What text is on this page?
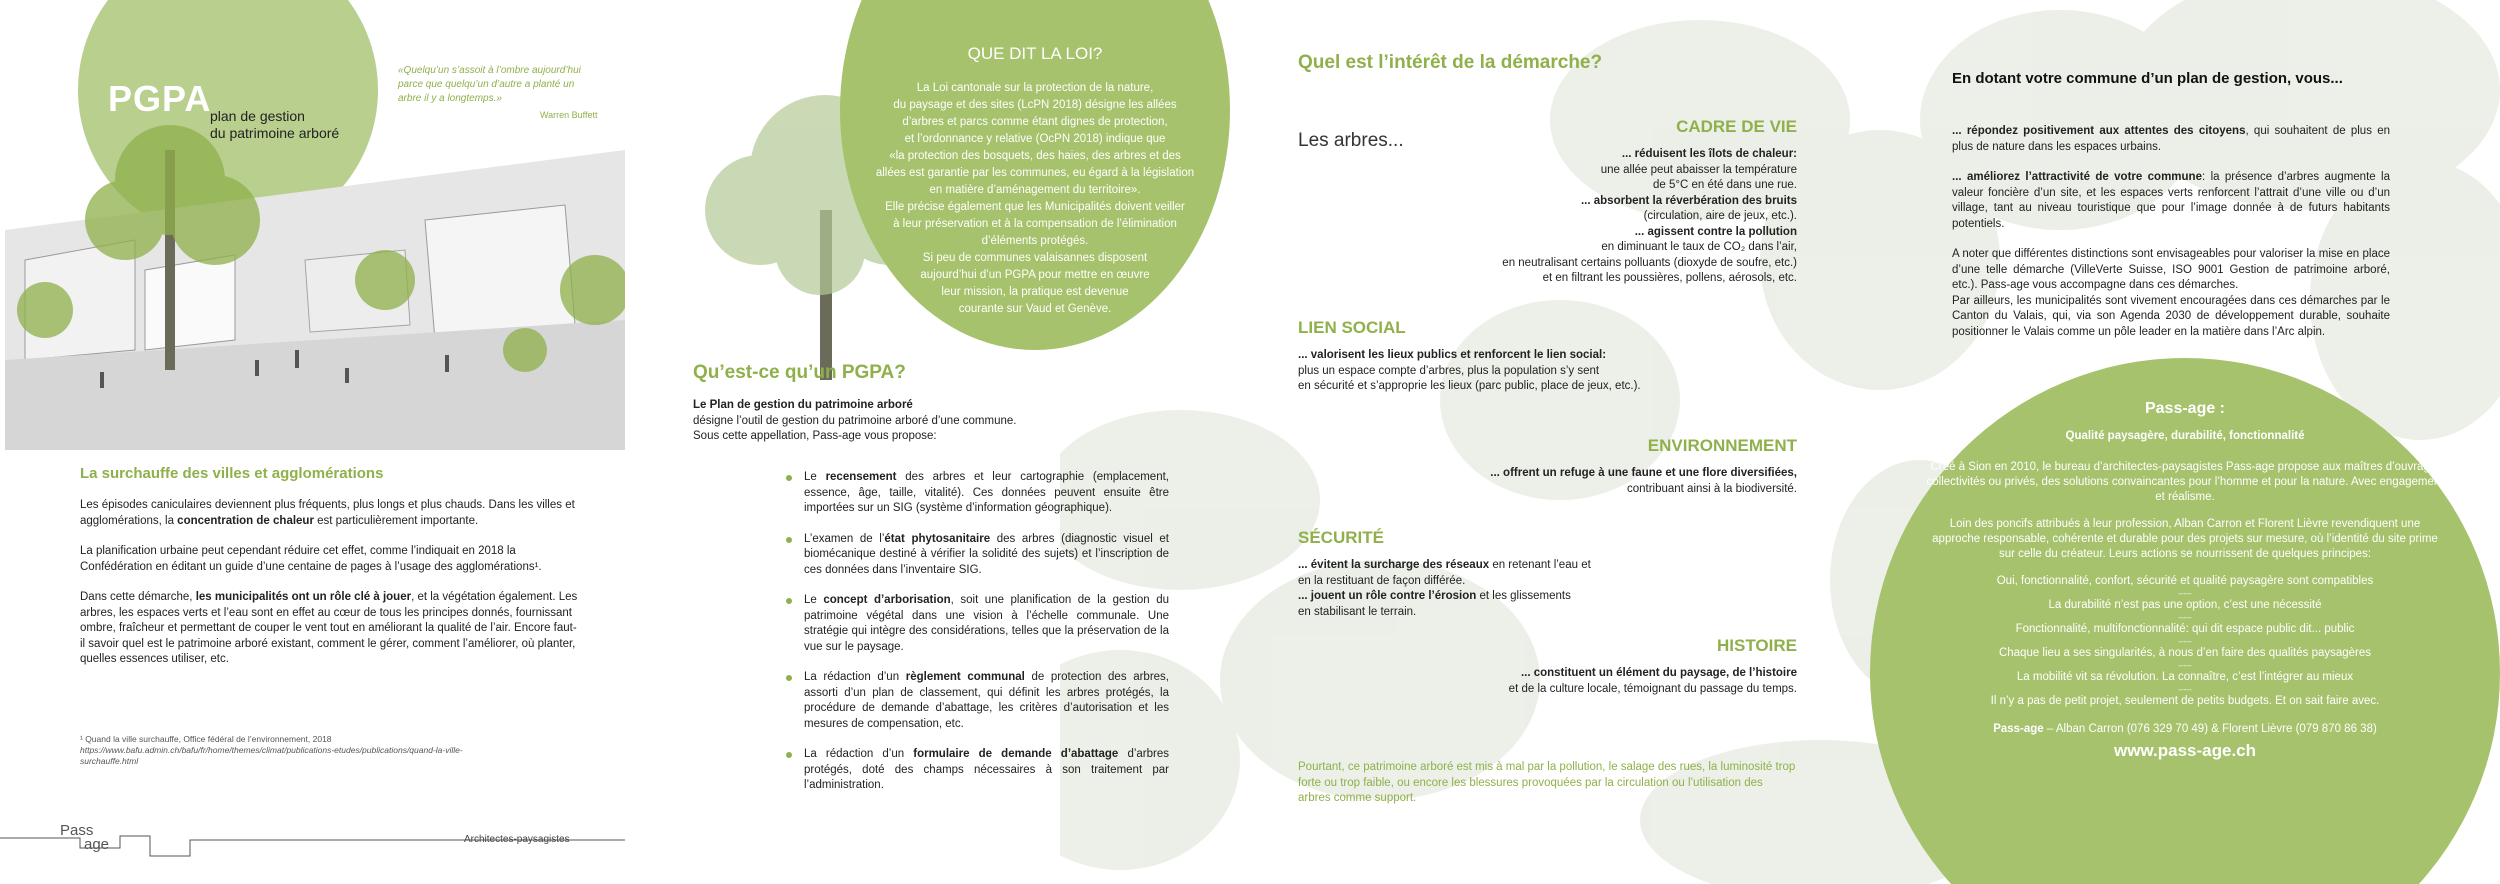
PGPA
plan de gestion
du patrimoine arboré
«Quelqu’un s’assoit à l’ombre aujourd’hui parce que quelqu’un d’autre a planté un arbre il y a longtemps.»
Warren Buffett
La surchauffe des villes et agglomérations

Les épisodes caniculaires deviennent plus fréquents, plus longs et plus chauds. Dans les villes et agglomérations, la concentration de chaleur est particulièrement importante.

La planification urbaine peut cependant réduire cet effet, comme l’indiquait en 2018 la Confédération en éditant un guide d’une centaine de pages à l’usage des agglomérations¹.

Dans cette démarche, les municipalités ont un rôle clé à jouer, et la végétation également. Les arbres, les espaces verts et l’eau sont en effet au cœur de tous les principes donnés, fournissant ombre, fraîcheur et permettant de couper le vent tout en améliorant la qualité de l’air. Encore faut-il savoir quel est le patrimoine arboré existant, comment le gérer, comment l’améliorer, où planter, quelles essences utiliser, etc.

¹ Quand la ville surchauffe, Office fédéral de l’environnement, 2018
https://www.bafu.admin.ch/bafu/fr/home/themes/climat/publications-etudes/publications/quand-la-ville-surchauffe.html
Pass
age	Architectes-paysagistes
QUE DIT LA LOI?
La Loi cantonale sur la protection de la nature,
du paysage et des sites (LcPN 2018) désigne les allées
d’arbres et parcs comme étant dignes de protection,
et l’ordonnance y relative (OcPN 2018) indique que
«la protection des bosquets, des haies, des arbres et des
allées est garantie par les communes, eu égard à la législation
en matière d’aménagement du territoire».
Elle précise également que les Municipalités doivent veiller
à leur préservation et à la compensation de l’élimination
d’éléments protégés.
Si peu de communes valaisannes disposent
aujourd’hui d’un PGPA pour mettre en œuvre
leur mission, la pratique est devenue
courante sur Vaud et Genève.
Qu’est-ce qu’un PGPA?

Le Plan de gestion du patrimoine arboré

désigne l’outil de gestion du patrimoine arboré d’une commune.

Sous cette appellation, Pass-age vous propose:

Le recensement des arbres et leur cartographie (emplacement, essence, âge, taille, vitalité). Ces données peuvent ensuite être importées sur un SIG (système d’information géographique).
L’examen de l’état phytosanitaire des arbres (diagnostic visuel et biomécanique destiné à vérifier la solidité des sujets) et l’inscription de ces données dans l’inventaire SIG.
Le concept d’arborisation, soit une planification de la gestion du patrimoine végétal dans une vision à l’échelle communale. Une stratégie qui intègre des considérations, telles que la préservation de la vue sur le paysage.
La rédaction d’un règlement communal de protection des arbres, assorti d’un plan de classement, qui définit les arbres protégés, la procédure de demande d’abattage, les critères d’autorisation et les mesures de compensation, etc.
La rédaction d’un formulaire de demande d’abattage d’arbres protégés, doté des champs nécessaires à son traitement par l’administration.
Quel est l’intérêt de la démarche?
Les arbres...
CADRE DE VIE

... réduisent les îlots de chaleur:

une allée peut abaisser la température

de 5°C en été dans une rue.

... absorbent la réverbération des bruits

(circulation, aire de jeux, etc.).

... agissent contre la pollution

en diminuant le taux de CO₂ dans l’air,

en neutralisant certains polluants (dioxyde de soufre, etc.)

et en filtrant les poussières, pollens, aérosols, etc.

LIEN SOCIAL

... valorisent les lieux publics et renforcent le lien social:

plus un espace compte d’arbres, plus la population s’y sent

en sécurité et s’approprie les lieux (parc public, place de jeux, etc.).

ENVIRONNEMENT

... offrent un refuge à une faune et une flore diversifiées,

contribuant ainsi à la biodiversité.

SÉCURITÉ

... évitent la surcharge des réseaux en retenant l’eau et

en la restituant de façon différée.

... jouent un rôle contre l’érosion et les glissements

en stabilisant le terrain.

HISTOIRE

... constituent un élément du paysage, de l’histoire

et de la culture locale, témoignant du passage du temps.

Pourtant, ce patrimoine arboré est mis à mal par la pollution, le salage des rues, la luminosité trop forte ou trop faible, ou encore les blessures provoquées par la circulation ou l’utilisation des arbres comme support.
En dotant votre commune d’un plan de gestion, vous...

... répondez positivement aux attentes des citoyens, qui souhaitent de plus en plus de nature dans les espaces urbains.

... améliorez l’attractivité de votre commune: la présence d’arbres augmente la valeur foncière d’un site, et les espaces verts renforcent l’attrait d’une ville ou d’un village, tant au niveau touristique que pour l’image donnée à de futurs habitants potentiels.

A noter que différentes distinctions sont envisageables pour valoriser la mise en place d’une telle démarche (VilleVerte Suisse, ISO 9001 Gestion de patrimoine arboré, etc.). Pass-age vous accompagne dans ces démarches.

Par ailleurs, les municipalités sont vivement encouragées dans ces démarches par le Canton du Valais, qui, via son Agenda 2030 de développement durable, souhaite positionner le Valais comme un pôle leader en la matière dans l’Arc alpin.

Pass-age :
Qualité paysagère, durabilité, fonctionnalité
Créé à Sion en 2010, le bureau d’architectes-paysagistes Pass-age propose aux maîtres d’ouvrage, collectivités ou privés, des solutions convaincantes pour l’homme et pour la nature. Avec engagement et réalisme.
Loin des poncifs attribués à leur profession, Alban Carron et Florent Lièvre revendiquent une approche responsable, cohérente et durable pour des projets sur mesure, où l’identité du site prime sur celle du créateur. Leurs actions se nourrissent de quelques principes:
Oui, fonctionnalité, confort, sécurité et qualité paysagère sont compatibles
-----
La durabilité n’est pas une option, c’est une nécessité
-----
Fonctionnalité, multifonctionnalité: qui dit espace public dit... public
-----
Chaque lieu a ses singularités, à nous d’en faire des qualités paysagères
-----
La mobilité vit sa révolution. La connaître, c’est l’intégrer au mieux
-----
Il n’y a pas de petit projet, seulement de petits budgets. Et on sait faire avec.
Pass-age – Alban Carron (076 329 70 49) & Florent Lièvre (079 870 86 38)
www.pass-age.ch
